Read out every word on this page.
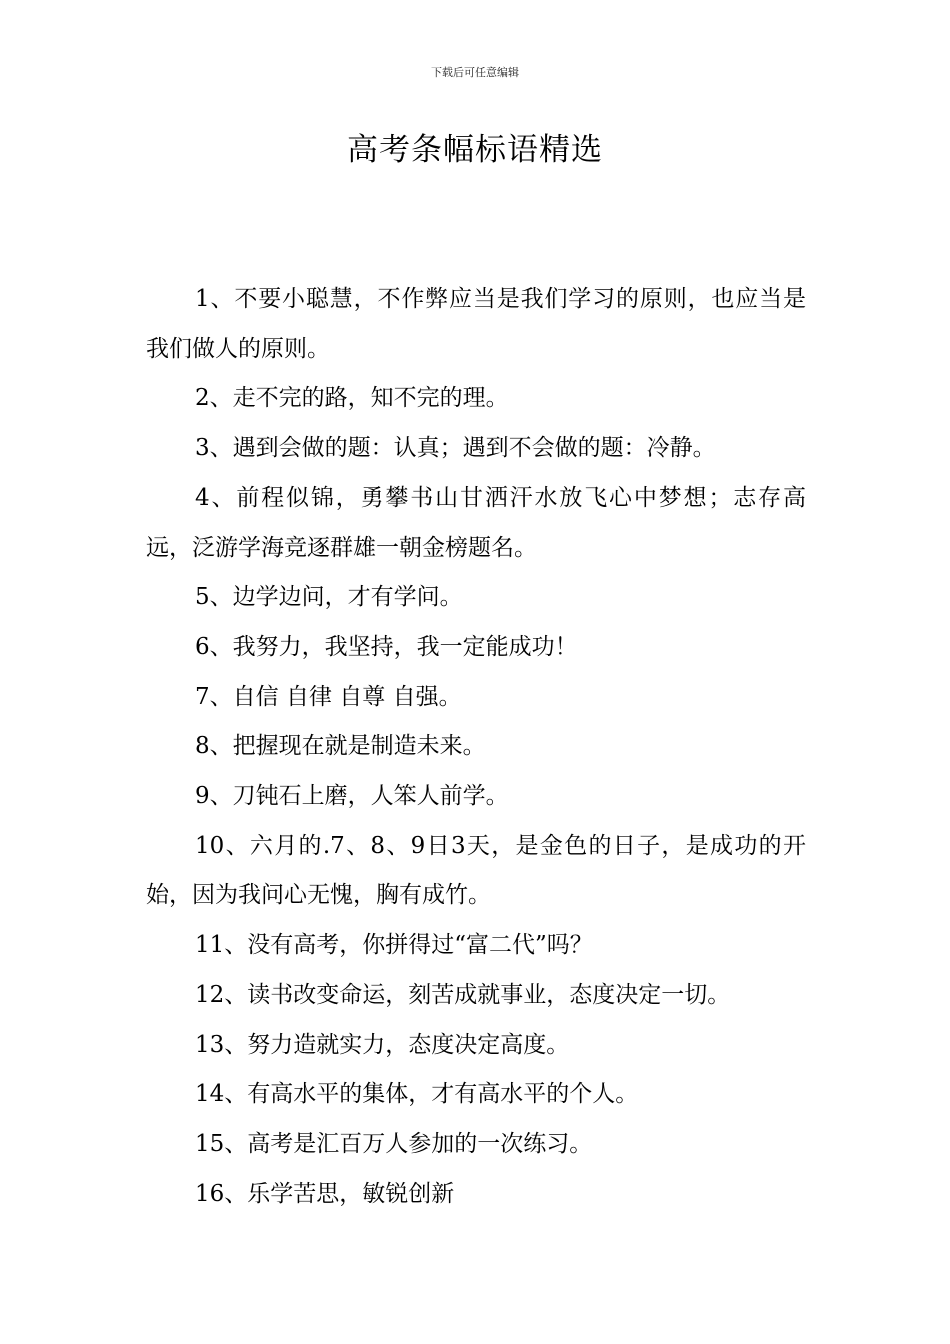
下载后可任意编辑
高考条幅标语精选

1、不要小聪慧，不作弊应当是我们学习的原则，也应当是我们做人的原则。

2、走不完的路，知不完的理。

3、遇到会做的题：认真；遇到不会做的题：冷静。

4、前程似锦，勇攀书山甘洒汗水放飞心中梦想；志存高远，泛游学海竞逐群雄一朝金榜题名。

5、边学边问，才有学问。

6、我努力，我坚持，我一定能成功！

7、自信 自律 自尊 自强。

8、把握现在就是制造未来。

9、刀钝石上磨，人笨人前学。

10、六月的.7、8、9日3天，是金色的日子，是成功的开始，因为我问心无愧，胸有成竹。

11、没有高考，你拼得过“富二代”吗？

12、读书改变命运，刻苦成就事业，态度决定一切。

13、努力造就实力，态度决定高度。

14、有高水平的集体，才有高水平的个人。

15、高考是汇百万人参加的一次练习。

16、乐学苦思，敏锐创新
